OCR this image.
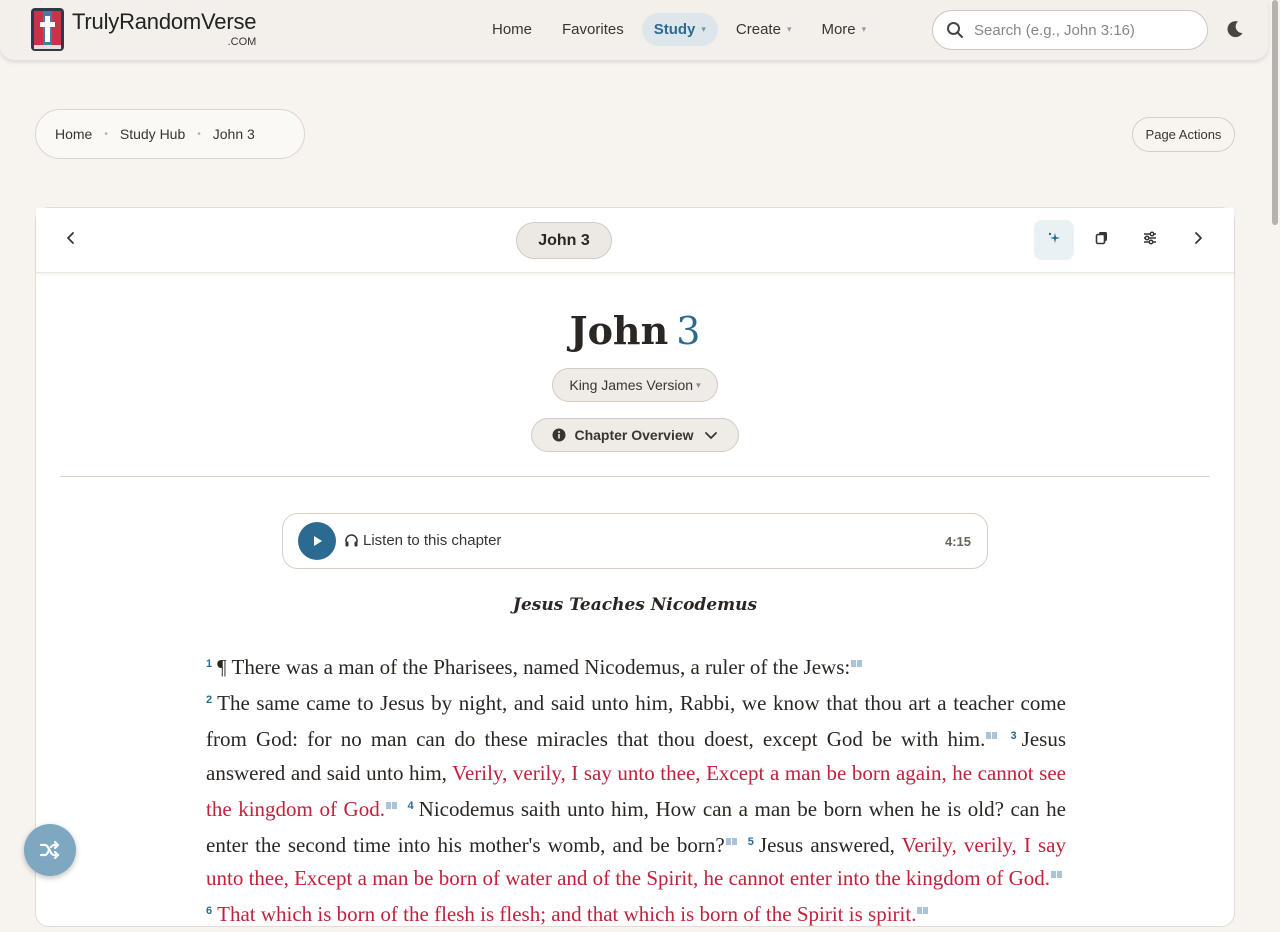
TrulyRandomVerse
.COM
Home Favorites Study ▾ Create ▾ More ▾
Search (e.g., John 3:16)
Home • Study Hub • John 3	Page Actions
John 3
John 3
King James Version ▾
Chapter Overview
Listen to this chapter	4:15
Jesus Teaches Nicodemus
$^1$ ¶ There was a man of the Pharisees, named Nicodemus, a ruler of the Jews:
$^2$ The same came to Jesus by night, and said unto him, Rabbi, we know that thou art a teacher come from God: for no man can do these miracles that thou doest, except God be with him. $^3$ Jesus answered and said unto him, Verily, verily, I say unto thee, Except a man be born again, he cannot see the kingdom of God. $^4$ Nicodemus saith unto him, How can a man be born when he is old? can he enter the second time into his mother's womb, and be born? $^5$ Jesus answered, Verily, verily, I say unto thee, Except a man be born of water and of the Spirit, he cannot enter into the kingdom of God. $^6$ That which is born of the flesh is flesh; and that which is born of the Spirit is spirit.
